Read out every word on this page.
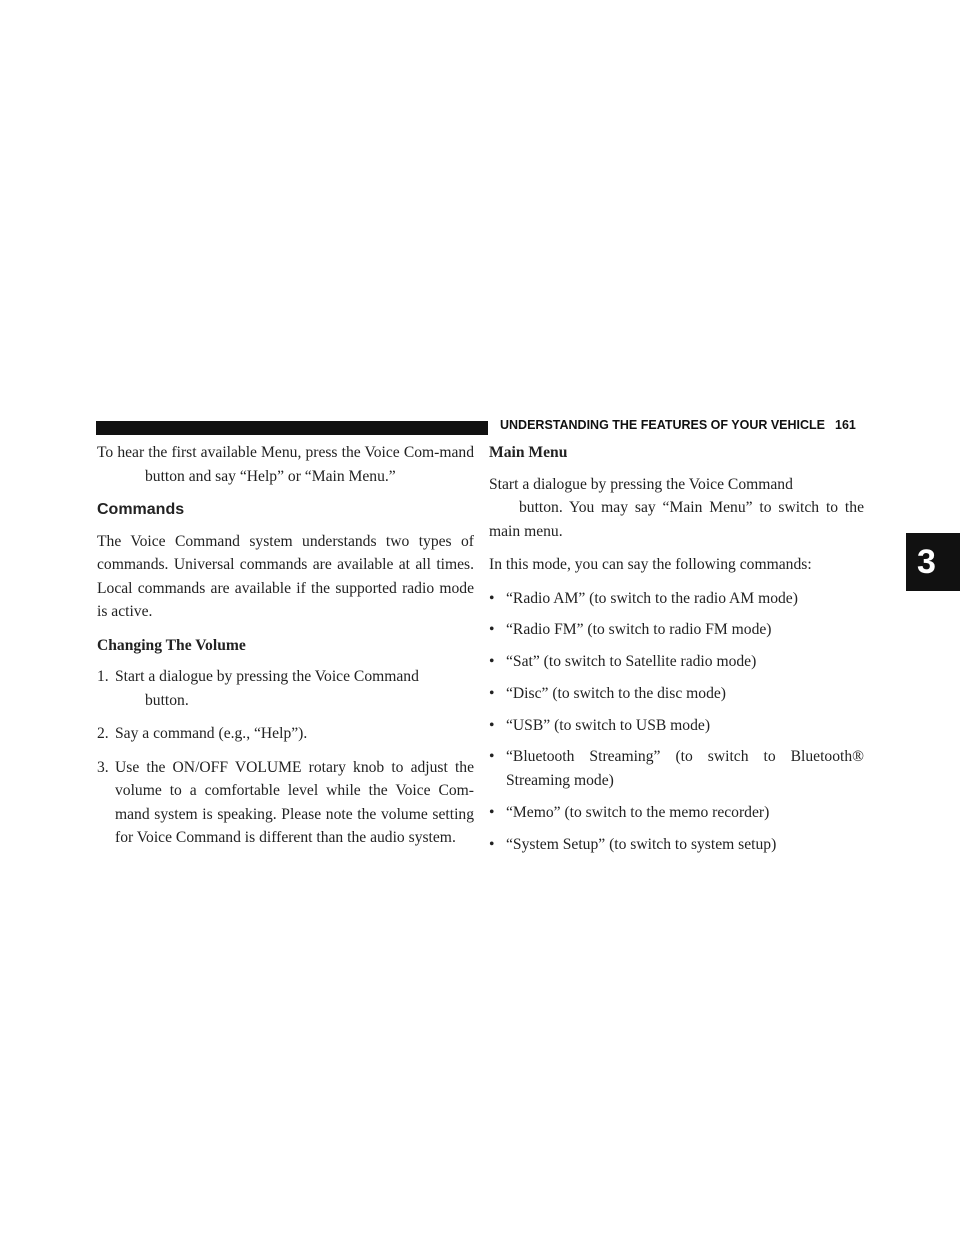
UNDERSTANDING THE FEATURES OF YOUR VEHICLE 161
3

To hear the first available Menu, press the Voice Com-mand button and say “Help” or “Main Menu.”

Commands

The Voice Command system understands two types of commands. Universal commands are available at all times. Local commands are available if the supported radio mode is active.

Changing The Volume
1. Start a dialogue by pressing the Voice Command
button.
2. Say a command (e.g., “Help”).
3. Use the ON/OFF VOLUME rotary knob to adjust the volume to a comfortable level while the Voice Com-mand system is speaking. Please note the volume setting for Voice Command is different than the audio system.
Main Menu

Start a dialogue by pressing the Voice Command
button. You may say “Main Menu” to switch to the main menu.

In this mode, you can say the following commands:

• “Radio AM” (to switch to the radio AM mode)
• “Radio FM” (to switch to radio FM mode)
• “Sat” (to switch to Satellite radio mode)
• “Disc” (to switch to the disc mode)
• “USB” (to switch to USB mode)
• “Bluetooth Streaming” (to switch to Bluetooth® Streaming mode)
• “Memo” (to switch to the memo recorder)
• “System Setup” (to switch to system setup)
